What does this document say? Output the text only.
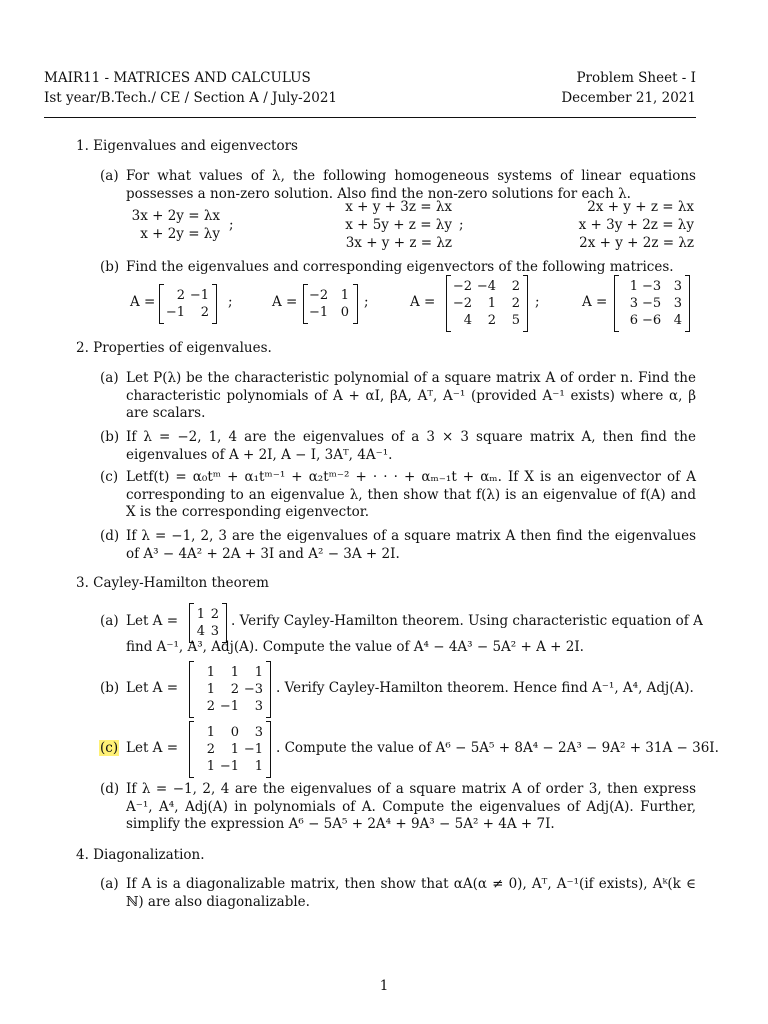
MAIR11 - MATRICES AND CALCULUS
Ist year/B.Tech./ CE / Section A / July-2021
Problem Sheet - I
December 21, 2021
1. Eigenvalues and eigenvectors
(a) For what values of λ, the following homogeneous systems of linear equations possesses a non-zero solution. Also find the non-zero solutions for each λ.
3x + 2y = λx
x + 2y = λy
;
x + y + 3z = λx
x + 5y + z = λy
3x + y + z = λz
;
2x + y + z = λx
x + 3y + 2z = λy
2x + y + 2z = λz
(b) Find the eigenvalues and corresponding eigenvectors of the following matrices.
A =	2 −1
−1	2
;	A = −2 1
−1 0
;	A =
−2 −4	2
−2	1	2
4	2	5
;	A =
1 −3 3
3 −5 3
6 −6 4
2. Properties of eigenvalues.
(a) Let P(λ) be the characteristic polynomial of a square matrix A of order n. Find the characteristic polynomials of A + αI, βA, Aᵀ, A⁻¹ (provided A⁻¹ exists) where α, β are scalars.
(b) If λ = −2, 1, 4 are the eigenvalues of a 3 × 3 square matrix A, then find the eigenvalues of A + 2I, A − I, 3Aᵀ, 4A⁻¹.
(c) Letf(t) = α₀tᵐ + α₁tᵐ⁻¹ + α₂tᵐ⁻² + · · · + αₘ₋₁t + αₘ. If X is an eigenvector of A corresponding to an eigenvalue λ, then show that f(λ) is an eigenvalue of f(A) and X is the corresponding eigenvector.
(d) If λ = −1, 2, 3 are the eigenvalues of a square matrix A then find the eigenvalues of A³ − 4A² + 2A + 3I and A² − 3A + 2I.
3. Cayley-Hamilton theorem
(a) Let A = 1 2
4 3
. Verify Cayley-Hamilton theorem. Using characteristic equation of A
find A⁻¹, A³, Adj(A). Compute the value of A⁴ − 4A³ − 5A² + A + 2I.
(b) Let A =
1	1	1
1	2 −3
2 −1	3
. Verify Cayley-Hamilton theorem. Hence find A⁻¹, A⁴, Adj(A).
(c) Let A =
1	0	3
2	1 −1
1 −1	1
. Compute the value of A⁶ − 5A⁵ + 8A⁴ − 2A³ − 9A² + 31A − 36I.
(d) If λ = −1, 2, 4 are the eigenvalues of a square matrix A of order 3, then express A⁻¹, A⁴, Adj(A) in polynomials of A. Compute the eigenvalues of Adj(A). Further, simplify the expression A⁶ − 5A⁵ + 2A⁴ + 9A³ − 5A² + 4A + 7I.
4. Diagonalization.
(a) If A is a diagonalizable matrix, then show that αA(α ≠ 0), Aᵀ, A⁻¹(if exists), Aᵏ(k ∈ ℕ) are also diagonalizable.
1
